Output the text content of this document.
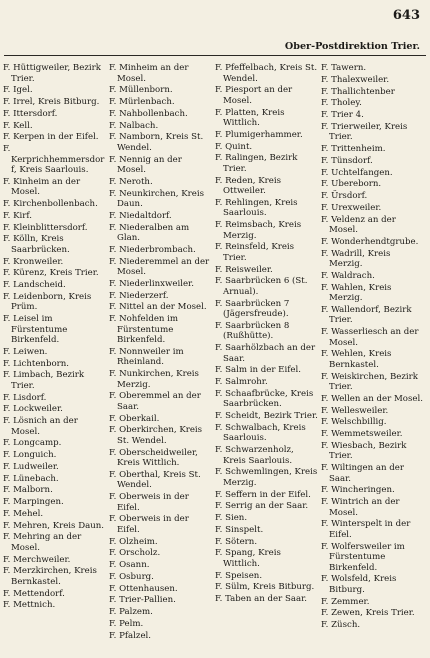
643
Ober-Postdirektion Trier.
F. Hüttigweiler, Bezirk Trier.
F. Igel.
F. Irrel, Kreis Bitburg.
F. Ittersdorf.
F. Kell.
F. Kerpen in der Eifel.
F. Kerprichhemmersdorf, Kreis Saarlouis.
F. Kinheim an der Mosel.
F. Kirchenbollenbach.
F. Kirf.
F. Kleinblittersdorf.
F. Kölln, Kreis Saarbrücken.
F. Kronweiler.
F. Kürenz, Kreis Trier.
F. Landscheid.
F. Leidenborn, Kreis Prüm.
F. Leisel im Fürstentume Birkenfeld.
F. Leiwen.
F. Lichtenborn.
F. Limbach, Bezirk Trier.
F. Lisdorf.
F. Lockweiler.
F. Lösnich an der Mosel.
F. Longcamp.
F. Longuich.
F. Ludweiler.
F. Lünebach.
F. Malborn.
F. Marpingen.
F. Mehel.
F. Mehren, Kreis Daun.
F. Mehring an der Mosel.
F. Merchweiler.
F. Merzkirchen, Kreis Bernkastel.
F. Mettendorf.
F. Mettnich.
F. Minheim an der Mosel.
F. Müllenborn.
F. Mürlenbach.
F. Nahbollenbach.
F. Nalbach.
F. Namborn, Kreis St. Wendel.
F. Nennig an der Mosel.
F. Neroth.
F. Neunkirchen, Kreis Daun.
F. Niedaltdorf.
F. Niederalben am Glan.
F. Niederbrombach.
F. Niederemmel an der Mosel.
F. Niederlinxweiler.
F. Niederzerf.
F. Nittel an der Mosel.
F. Nohfelden im Fürstentume Birkenfeld.
F. Nonnweiler im Rheinland.
F. Nunkirchen, Kreis Merzig.
F. Oberemmel an der Saar.
F. Oberkail.
F. Oberkirchen, Kreis St. Wendel.
F. Oberscheidweiler, Kreis Wittlich.
F. Oberthal, Kreis St. Wendel.
F. Oberweis in der Eifel.
F. Oberweis in der Eifel.
F. Olzheim.
F. Orscholz.
F. Osann.
F. Osburg.
F. Ottenhausen.
F. Trier-Pallien.
F. Palzem.
F. Pelm.
F. Pfalzel.
F. Pfeffelbach, Kreis St. Wendel.
F. Piesport an der Mosel.
F. Platten, Kreis Wittlich.
F. Plumigerhammer.
F. Quint.
F. Ralingen, Bezirk Trier.
F. Reden, Kreis Ottweiler.
F. Rehlingen, Kreis Saarlouis.
F. Reimsbach, Kreis Merzig.
F. Reinsfeld, Kreis Trier.
F. Reisweiler.
F. Saarbrücken 6 (St. Arnual).
F. Saarbrücken 7 (Jägersfreude).
F. Saarbrücken 8 (Rußhütte).
F. Saarhölzbach an der Saar.
F. Salm in der Eifel.
F. Salmrohr.
F. Schaafbrücke, Kreis Saarbrücken.
F. Scheidt, Bezirk Trier.
F. Schwalbach, Kreis Saarlouis.
F. Schwarzenholz, Kreis Saarlouis.
F. Schwemlingen, Kreis Merzig.
F. Seffern in der Eifel.
F. Serrig an der Saar.
F. Sien.
F. Sinspelt.
F. Sötern.
F. Spang, Kreis Wittlich.
F. Speisen.
F. Sülm, Kreis Bitburg.
F. Taben an der Saar.
F. Tawern.
F. Thalexweiler.
F. Thallichtenber
F. Tholey.
F. Trier 4.
F. Trierweiler, Kreis Trier.
F. Trittenheim.
F. Tünsdorf.
F. Uchtelfangen.
F. Ubereborn.
F. Ürsdorf.
F. Urexweiler.
F. Veldenz an der Mosel.
F. Wonderhendtgrube.
F. Wadrill, Kreis Merzig.
F. Waldrach.
F. Wahlen, Kreis Merzig.
F. Wallendorf, Bezirk Trier.
F. Wasserliesch an der Mosel.
F. Wehlen, Kreis Bernkastel.
F. Weiskirchen, Bezirk Trier.
F. Wellen an der Mosel.
F. Wellesweiler.
F. Welschbillig.
F. Wemmetsweiler.
F. Wiesbach, Bezirk Trier.
F. Wiltingen an der Saar.
F. Wincheringen.
F. Wintrich an der Mosel.
F. Winterspelt in der Eifel.
F. Wolfersweiler im Fürstentume Birkenfeld.
F. Wolsfeld, Kreis Bitburg.
F. Zemmer.
F. Zewen, Kreis Trier.
F. Züsch.
